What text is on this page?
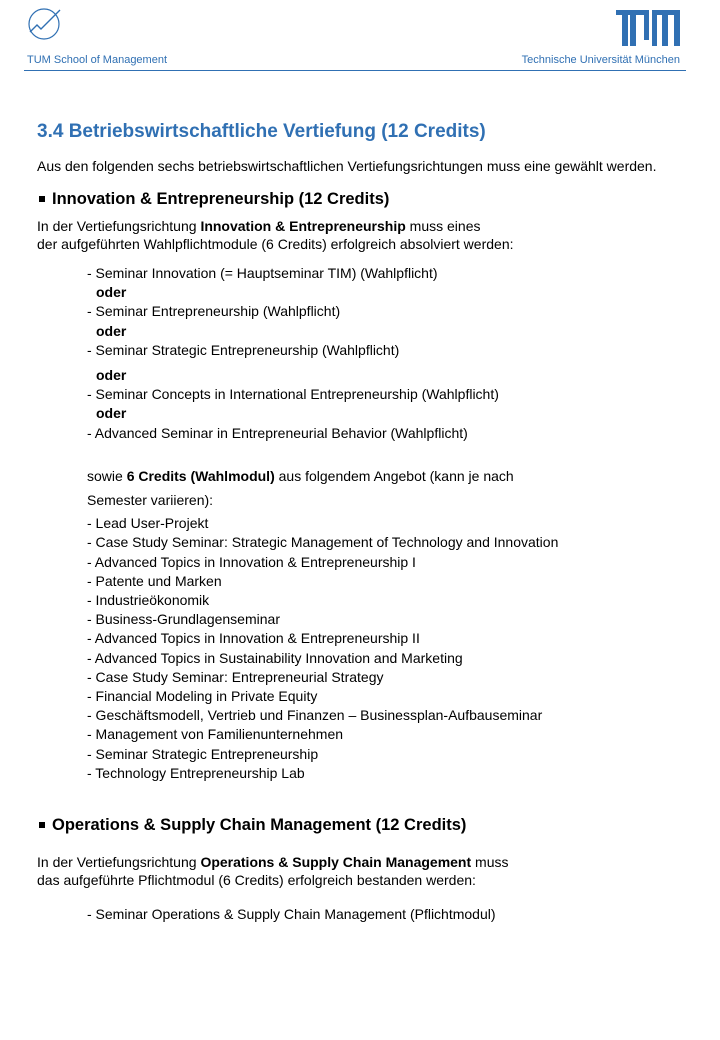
TUM School of Management	Technische Universität München
3.4 Betriebswirtschaftliche Vertiefung (12 Credits)
Aus den folgenden sechs betriebswirtschaftlichen Vertiefungsrichtungen muss eine gewählt werden.
Innovation & Entrepreneurship (12 Credits)
In der Vertiefungsrichtung Innovation & Entrepreneurship muss eines
der aufgeführten Wahlpflichtmodule (6 Credits) erfolgreich absolviert werden:
- Seminar Innovation (= Hauptseminar TIM) (Wahlpflicht)
oder
- Seminar Entrepreneurship (Wahlpflicht)
oder
- Seminar Strategic Entrepreneurship (Wahlpflicht)
oder
- Seminar Concepts in International Entrepreneurship (Wahlpflicht)
oder
- Advanced Seminar in Entrepreneurial Behavior (Wahlpflicht)
sowie 6 Credits (Wahlmodul) aus folgendem Angebot (kann je nach
Semester variieren):
- Lead User-Projekt
- Case Study Seminar: Strategic Management of Technology and Innovation
- Advanced Topics in Innovation & Entrepreneurship I
- Patente und Marken
- Industrieökonomik
- Business-Grundlagenseminar
- Advanced Topics in Innovation & Entrepreneurship II
- Advanced Topics in Sustainability Innovation and Marketing
- Case Study Seminar: Entrepreneurial Strategy
- Financial Modeling in Private Equity
- Geschäftsmodell, Vertrieb und Finanzen – Businessplan-Aufbauseminar
- Management von Familienunternehmen
- Seminar Strategic Entrepreneurship
- Technology Entrepreneurship Lab
Operations & Supply Chain Management (12 Credits)
In der Vertiefungsrichtung Operations & Supply Chain Management muss
das aufgeführte Pflichtmodul (6 Credits) erfolgreich bestanden werden:
- Seminar Operations & Supply Chain Management (Pflichtmodul)
